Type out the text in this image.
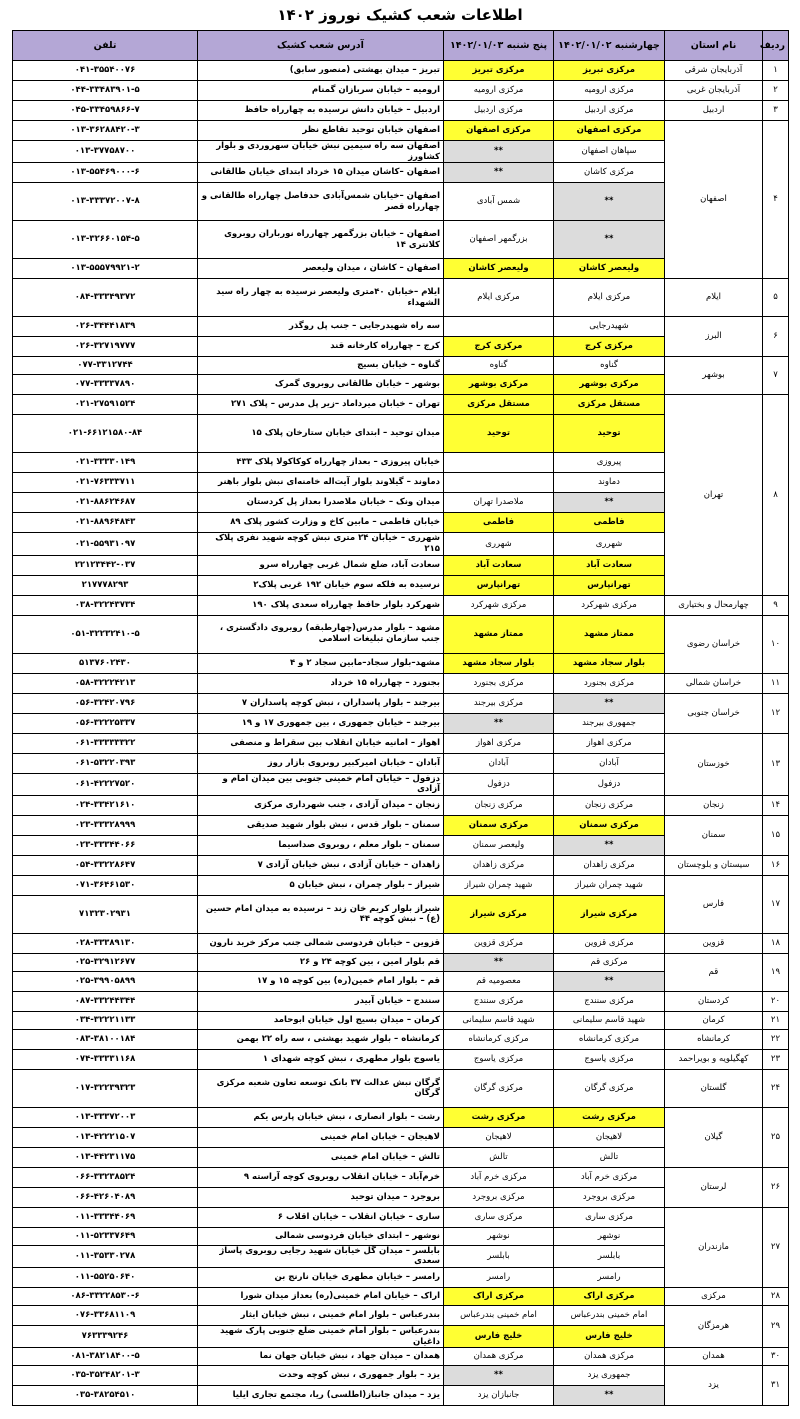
اطلاعات شعب کشیک نوروز ۱۴۰۲
ردیف	نام استان	چهارشنبه ۱۴۰۲/۰۱/۰۲	پنج شنبه ۱۴۰۲/۰۱/۰۳	آدرس شعب کشیک	تلفن
۱	آذربایجان شرقی	مرکزی تبریز	مرکزی تبریز	تبریز – میدان بهشتی (منصور سابق)	۰۴۱-۳۵۵۴۰۰۷۶
۲	آذربایجان غربی	مرکزی ارومیه	مرکزی ارومیه	ارومیه – خیابان سربازان گمنام	۰۴۴-۳۳۴۸۳۹۰۱-۵
۳	اردبیل	مرکزی اردبیل	مرکزی اردبیل	اردبیل – خیابان دانش نرسیده به چهارراه حافظ	۰۴۵-۳۳۴۵۹۸۶۶-۷
۴	اصفهان	مرکزی اصفهان	مرکزی اصفهان	اصفهان خیابان توحید تقاطع نظر	۰۱۳-۳۶۲۸۸۴۲۰-۳
		سپاهان اصفهان	**	اصفهان سه راه سیمین نبش خیابان سهروردی و بلوار کشاورز	۰۱۳-۳۷۷۵۸۷۰۰
		مرکزی کاشان	**	اصفهان –کاشان میدان ۱۵ خرداد ابتدای خیابان طالقانی	۰۱۳-۵۵۴۶۹۰۰۰-۶
		**	شمس آبادی	اصفهان –خیابان شمس‌آبادی حدفاصل چهارراه طالقانی و چهارراه قصر	۰۱۳-۳۳۳۷۲۰۰۷-۸
		**	بزرگمهر اصفهان	اصفهان – خیابان بزرگمهر چهارراه نورباران روبروی کلانتری ۱۴	۰۱۳-۳۲۶۶۰۱۵۴-۵
		ولیعصر کاشان	ولیعصر کاشان	اصفهان – کاشان ، میدان ولیعصر	۰۱۳-۵۵۵۷۹۹۲۱-۲
۵	ایلام	مرکزی ایلام	مرکزی ایلام	ایلام –خیابان ۴۰متری ولیعصر نرسیده به چهار راه سید الشهداء	۰۸۴-۳۳۳۴۹۳۷۲
۶	البرز	شهیدرجایی		سه راه شهیدرجایی – جنب پل روگذر	۰۲۶-۳۴۴۴۱۸۳۹
		مرکزی کرج	مرکزی کرج	کرج – چهارراه کارخانه قند	۰۲۶-۳۲۷۱۹۷۷۷
۷	بوشهر	گناوه	گناوه	گناوه – خیابان بسیج	۰۷۷-۳۳۱۲۷۴۴
		مرکزی بوشهر	مرکزی بوشهر	بوشهر – خیابان طالقانی روبروی گمرک	۰۷۷-۳۳۳۳۷۸۹۰
۸	تهران	مستقل مرکزی	مستقل مرکزی	تهران – خیابان میرداماد –زیر پل مدرس – پلاک ۲۷۱	۰۲۱-۲۷۵۹۱۵۲۴
		توحید	توحید	میدان توحید – ابتدای خیابان ستارخان پلاک ۱۵	۰۲۱-۶۶۱۲۱۵۸۰-۸۴
		پیروزی		خیابان پیروزی – بعداز چهارراه کوکاکولا پلاک ۴۳۳	۰۲۱-۳۳۳۳۰۱۴۹
		دماوند		دماوند – گیلاوند بلوار آیت‌اله خامنه‌ای نبش بلوار باهنر	۰۲۱-۷۶۳۳۳۷۱۱
		**	ملاصدرا تهران	میدان ونک – خیابان ملاصدرا بعداز پل کردستان	۰۲۱-۸۸۶۲۴۶۸۷
		فاطمی	فاطمی	خیابان فاطمی – مابین کاخ و وزارت کشور پلاک ۸۹	۰۲۱-۸۸۹۶۴۸۴۳
		شهرری	شهرری	شهرری – خیابان ۲۴ متری نبش کوچه شهید نفری پلاک ۲۱۵	۰۲۱-۵۵۹۳۱۰۹۷
		سعادت آباد	سعادت آباد	سعادت آباد، ضلع شمال غربی چهارراه سرو	۲۲۱۲۳۴۴۲-۰۳۷
		تهرانپارس	تهرانپارس	نرسیده به فلکه سوم خیابان ۱۹۲ غربی پلاک۲	۲۱۷۷۷۸۲۹۳
۹	چهارمحال و بختیاری	مرکزی شهرکرد	مرکزی شهرکرد	شهرکرد بلوار حافظ چهارراه سعدی پلاک ۱۹۰	۰۳۸-۳۲۲۴۳۷۳۴
۱۰	خراسان رضوی	ممتاز مشهد	ممتاز مشهد	مشهد – بلوار مدرس(چهارطبقه) روبروی دادگستری ، جنب سازمان تبلیغات اسلامی	۰۵۱-۳۲۲۳۲۴۱۰-۵
		بلوار سجاد مشهد	بلوار سجاد مشهد	مشهد–بلوار سجاد–مابین سجاد ۲ و ۴	۵۱۳۷۶۰۲۴۳۰
۱۱	خراسان شمالی	مرکزی بجنورد	مرکزی بجنورد	بجنورد – چهارراه ۱۵ خرداد	۰۵۸-۳۲۲۲۴۲۱۳
۱۲	خراسان جنوبی	**	مرکزی بیرجند	بیرجند – بلوار پاسداران ، نبش کوچه پاسداران ۷	۰۵۶-۳۲۴۲۰۷۹۶
		جمهوری بیرجند	**	بیرجند – خیابان جمهوری ، بین جمهوری ۱۷ و ۱۹	۰۵۶-۳۲۲۲۵۳۳۷
۱۳	خوزستان	مرکزی اهواز	مرکزی اهواز	اهواز – امانیه خیابان انقلاب بین سقراط و منصفی	۰۶۱-۳۳۳۳۳۳۲۲
		آبادان	آبادان	آبادان – خیابان امیرکبیر روبروی بازار روز	۰۶۱-۵۳۲۲۰۳۹۳
		دزفول	دزفول	دزفول – خیابان امام خمینی جنوبی بین میدان امام و آزادی	۰۶۱-۴۲۲۲۷۵۲۰
۱۴	زنجان	مرکزی زنجان	مرکزی زنجان	زنجان – میدان آزادی ، جنب شهرداری مرکزی	۰۲۴-۳۳۴۲۱۶۱۰
۱۵	سمنان	مرکزی سمنان	مرکزی سمنان	سمنان – بلوار قدس ، نبش بلوار شهید صدیقی	۰۲۳-۳۳۳۲۸۹۹۹
		**	ولیعصر سمنان	سمنان – بلوار معلم ، روبروی صداسیما	۰۲۳-۳۳۳۴۴۰۶۶
۱۶	سیستان و بلوچستان	مرکزی زاهدان	مرکزی زاهدان	زاهدان – خیابان آزادی ، نبش خیابان آزادی ۷	۰۵۴-۳۳۲۲۸۶۴۷
۱۷	فارس	شهید چمران شیراز	شهید چمران شیراز	شیراز – بلوار چمران ، نبش خیابان ۵	۰۷۱-۳۶۴۶۱۵۳۰
		مرکزی شیراز	مرکزی شیراز	شیراز بلوار کریم خان زند – نرسیده به میدان امام حسین (ع) – نبش کوچه ۴۴	۷۱۳۲۳۰۲۹۳۱
۱۸	قزوین	مرکزی قزوین	مرکزی قزوین	قزوین – خیابان فردوسی شمالی جنب مرکز خرید نارون	۰۲۸-۳۳۳۸۹۱۳۰
۱۹	قم	مرکزی قم	**	قم بلوار امین ، بین کوچه ۲۴ و ۲۶	۰۲۵-۳۲۹۱۲۶۷۷
		**	معصومیه قم	قم – بلوار امام خمین(ره) بین کوچه ۱۵ و ۱۷	۰۲۵-۳۹۹۰۵۸۹۹
۲۰	کردستان	مرکزی سنندج	مرکزی سنندج	سنندج – خیابان آبیدر	۰۸۷-۳۳۲۴۴۳۴۴
۲۱	کرمان	شهید قاسم سلیمانی	شهید قاسم سلیمانی	کرمان – میدان بسیج اول خیابان ابوحامد	۰۳۴-۳۲۲۲۱۱۳۳
۲۲	کرمانشاه	مرکزی کرمانشاه	مرکزی کرمانشاه	کرمانشاه – بلوار شهید بهشتی ، سه راه ۲۲ بهمن	۰۸۳-۳۸۱۰۰۱۸۴
۲۳	کهگیلویه و بویراحمد	مرکزی یاسوج	مرکزی یاسوج	یاسوج بلوار مطهری ، نبش کوچه شهدای ۱	۰۷۴-۳۳۳۳۱۱۶۸
۲۴	گلستان	مرکزی گرگان	مرکزی گرگان	گرگان نبش عدالت ۳۷ بانک توسعه تعاون شعبه مرکزی گرگان	۰۱۷-۳۲۲۳۹۳۲۳
۲۵	گیلان	مرکزی رشت	مرکزی رشت	رشت – بلوار انصاری ، نبش خیابان پارس یکم	۰۱۳-۳۳۳۷۲۰۰۳
		لاهیجان	لاهیجان	لاهیجان – خیابان امام خمینی	۰۱۳-۴۲۲۲۱۵۰۷
		تالش	تالش	تالش – خیابان امام خمینی	۰۱۳-۴۴۲۳۱۱۷۵
۲۶	لرستان	مرکزی خرم آباد	مرکزی خرم آباد	خرم‌آباد – خیابان انقلاب روبروی کوچه آراسته ۹	۰۶۶-۳۳۲۳۸۵۲۴
		مرکزی بروجرد	مرکزی بروجرد	بروجرد – میدان توحید	۰۶۶-۴۲۶۰۴۰۸۹
۲۷	مازندران	مرکزی ساری	مرکزی ساری	ساری – خیابان انقلاب – خیابان اقلاب ۶	۰۱۱-۳۳۳۴۴۰۶۹
		نوشهر	نوشهر	نوشهر – ابتدای خیابان فردوسی شمالی	۰۱۱-۵۲۳۳۷۶۴۹
		بابلسر	بابلسر	بابلسر – میدان گل خیابان شهید رجایی روبروی پاساژ سعدی	۰۱۱-۳۵۳۳۰۲۷۸
		رامسر	رامسر	رامسر – خیابان مطهری خیابان نارنج بن	۰۱۱-۵۵۲۵۰۶۴۰
۲۸	مرکزی	مرکزی اراک	مرکزی اراک	اراک – خیابان امام خمینی(ره) بعداز میدان شورا	۰۸۶-۳۳۲۲۸۵۳۰-۶
۲۹	هرمزگان	امام خمینی بندرعباس	امام خمینی بندرعباس	بندرعباس – بلوار امام خمینی ، نبش خیابان ایثار	۰۷۶-۳۳۶۸۱۱۰۹
		خلیج فارس	خلیج فارس	بندرعباس – بلوار امام خمینی ضلع جنوبی پارک شهید داغیان	۷۶۳۳۳۹۲۴۶
۳۰	همدان	مرکزی همدان	مرکزی همدان	همدان – میدان جهاد ، نبش خیابان جهان نما	۰۸۱-۳۸۲۱۸۴۰۰-۵
۳۱	یزد	جمهوری یزد	**	یزد – بلوار جمهوری ، نبش کوچه وحدت	۰۳۵-۳۵۲۴۸۲۰۱-۳
		**	جانبازان یزد	یزد – میدان جانباز(اطلسی) ریا، مجتمع تجاری ایلیا	۰۳۵-۳۸۲۵۴۵۱۰
